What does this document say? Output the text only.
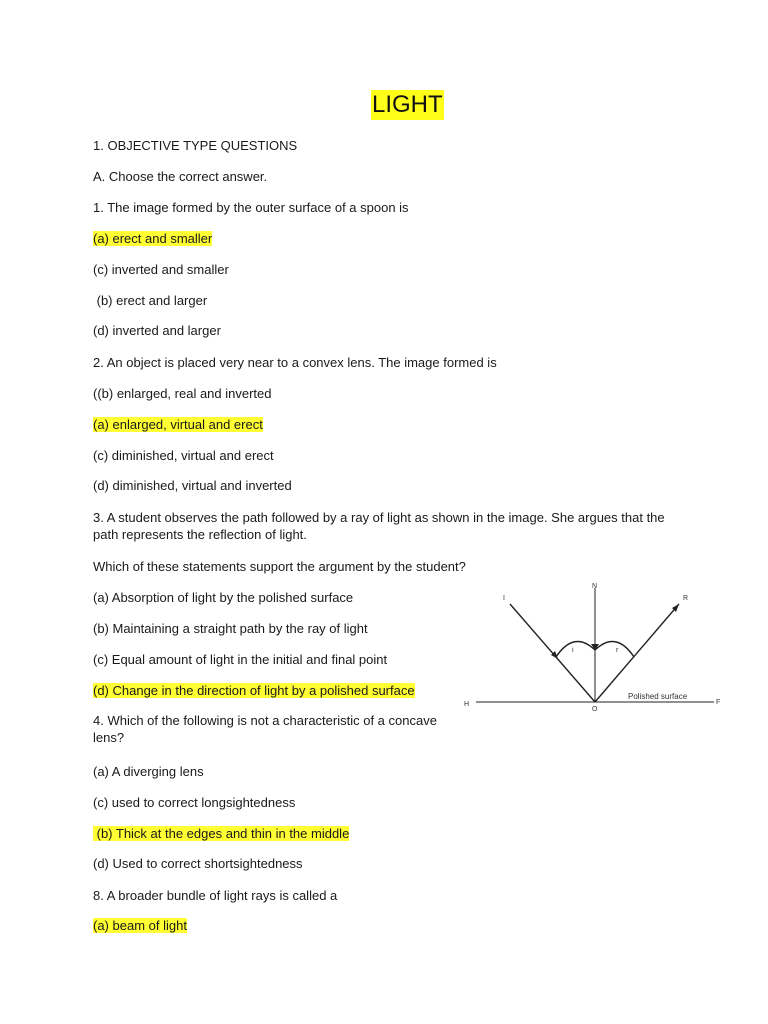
LIGHT
1. OBJECTIVE TYPE QUESTIONS
A. Choose the correct answer.
1. The image formed by the outer surface of a spoon is
(a) erect and smaller
(c) inverted and smaller
(b) erect and larger
(d) inverted and larger
2. An object is placed very near to a convex lens. The image formed is
((b) enlarged, real and inverted
(a) enlarged, virtual and erect
(c) diminished, virtual and erect
(d) diminished, virtual and inverted
3. A student observes the path followed by a ray of light as shown in the image. She argues that the
path represents the reflection of light.
Which of these statements support the argument by the student?
(a) Absorption of light by the polished surface
(b) Maintaining a straight path by the ray of light
(c) Equal amount of light in the initial and final point
(d) Change in the direction of light by a polished surface
N
I	R
i	r
O
H	F
Polished surface
4. Which of the following is not a characteristic of a concave
lens?
(a) A diverging lens
(c) used to correct longsightedness
(b) Thick at the edges and thin in the middle
(d) Used to correct shortsightedness
8. A broader bundle of light rays is called a
(a) beam of light
